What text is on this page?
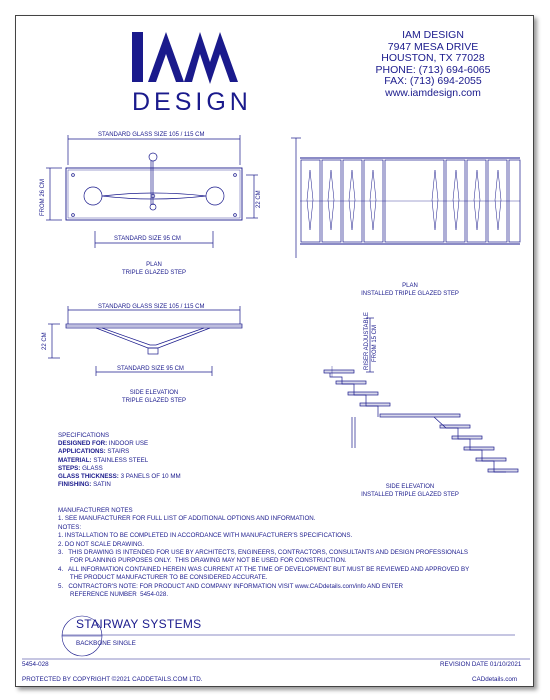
DESIGN
IAM DESIGN
7947 MESA DRIVE
HOUSTON, TX 77028
PHONE: (713) 694-6065
FAX: (713) 694-2055
www.iamdesign.com
STANDARD GLASS SIZE 105 / 115 CM
STANDARD SIZE 95 CM
FROM 26 CM	22 CM
PLAN
TRIPLE GLAZED STEP
PLAN
INSTALLED TRIPLE GLAZED STEP
STANDARD GLASS SIZE 105 / 115 CM
STANDARD SIZE 95 CM
22 CM
SIDE ELEVATION
TRIPLE GLAZED STEP
RISER ADJUSTABLE FROM 15 CM
SIDE ELEVATION
INSTALLED TRIPLE GLAZED STEP
SPECIFICATIONS
DESIGNED FOR: INDOOR USE
APPLICATIONS: STAIRS
MATERIAL: STAINLESS STEEL
STEPS: GLASS
GLASS THICKNESS: 3 PANELS OF 10 MM
FINISHING: SATIN
MANUFACTURER NOTES
1. SEE MANUFACTURER FOR FULL LIST OF ADDITIONAL OPTIONS AND INFORMATION.
NOTES:
1. INSTALLATION TO BE COMPLETED IN ACCORDANCE WITH MANUFACTURER'S SPECIFICATIONS.
2. DO NOT SCALE DRAWING.
3.   THIS DRAWING IS INTENDED FOR USE BY ARCHITECTS, ENGINEERS, CONTRACTORS, CONSULTANTS AND DESIGN PROFESSIONALS
FOR PLANNING PURPOSES ONLY.  THIS DRAWING MAY NOT BE USED FOR CONSTRUCTION.
4.   ALL INFORMATION CONTAINED HEREIN WAS CURRENT AT THE TIME OF DEVELOPMENT BUT MUST BE REVIEWED AND APPROVED BY
THE PRODUCT MANUFACTURER TO BE CONSIDERED ACCURATE.
5.   CONTRACTOR'S NOTE: FOR PRODUCT AND COMPANY INFORMATION VISIT www.CADdetails.com/info AND ENTER
REFERENCE NUMBER  5454-028.
STAIRWAY SYSTEMS
BACKBONE SINGLE
5454-028	REVISION DATE 01/10/2021
PROTECTED BY COPYRIGHT ©2021 CADDETAILS.COM LTD.	CADdetails.com
